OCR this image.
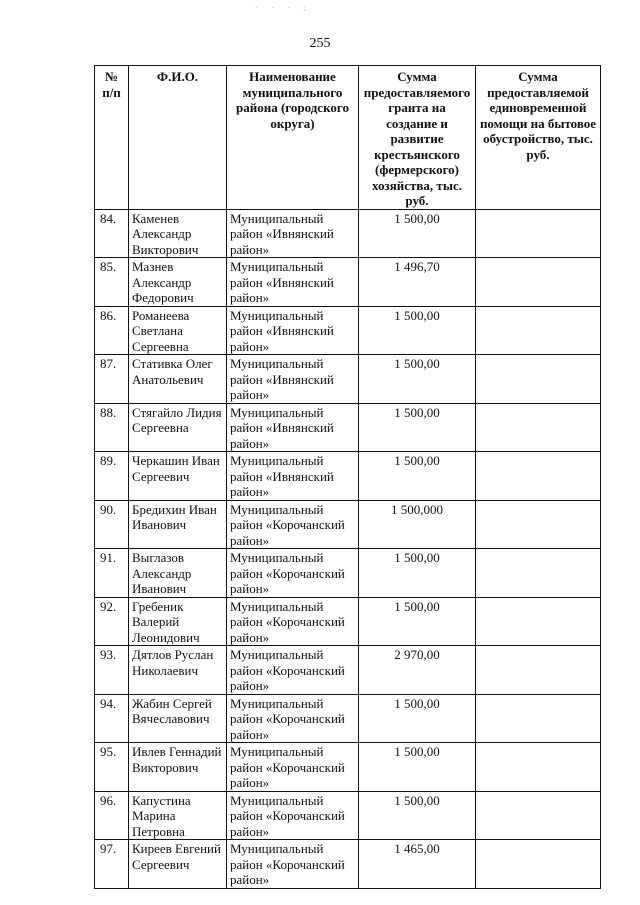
· · · ;
255
№ п/п	Ф.И.О.	Наименование муниципального района (городского округа)	Сумма предоставляемого гранта на создание и развитие крестьянского (фермерского) хозяйства, тыс. руб.	Сумма предоставляемой единовременной помощи на бытовое обустройство, тыс. руб.
84.	Каменев Александр Викторович	Муниципальный район «Ивнянский район»	1 500,00	
85.	Мазнев Александр Федорович	Муниципальный район «Ивнянский район»	1 496,70	
86.	Романеева Светлана Сергеевна	Муниципальный район «Ивнянский район»	1 500,00	
87.	Стативка Олег Анатольевич	Муниципальный район «Ивнянский район»	1 500,00	
88.	Стягайло Лидия Сергеевна	Муниципальный район «Ивнянский район»	1 500,00	
89.	Черкашин Иван Сергеевич	Муниципальный район «Ивнянский район»	1 500,00	
90.	Бредихин Иван Иванович	Муниципальный район «Корочанский район»	1 500,000	
91.	Выглазов Александр Иванович	Муниципальный район «Корочанский район»	1 500,00	
92.	Гребеник Валерий Леонидович	Муниципальный район «Корочанский район»	1 500,00	
93.	Дятлов Руслан Николаевич	Муниципальный район «Корочанский район»	2 970,00	
94.	Жабин Сергей Вячеславович	Муниципальный район «Корочанский район»	1 500,00	
95.	Ивлев Геннадий Викторович	Муниципальный район «Корочанский район»	1 500,00	
96.	Капустина Марина Петровна	Муниципальный район «Корочанский район»	1 500,00	
97.	Киреев Евгений Сергеевич	Муниципальный район «Корочанский район»	1 465,00	
